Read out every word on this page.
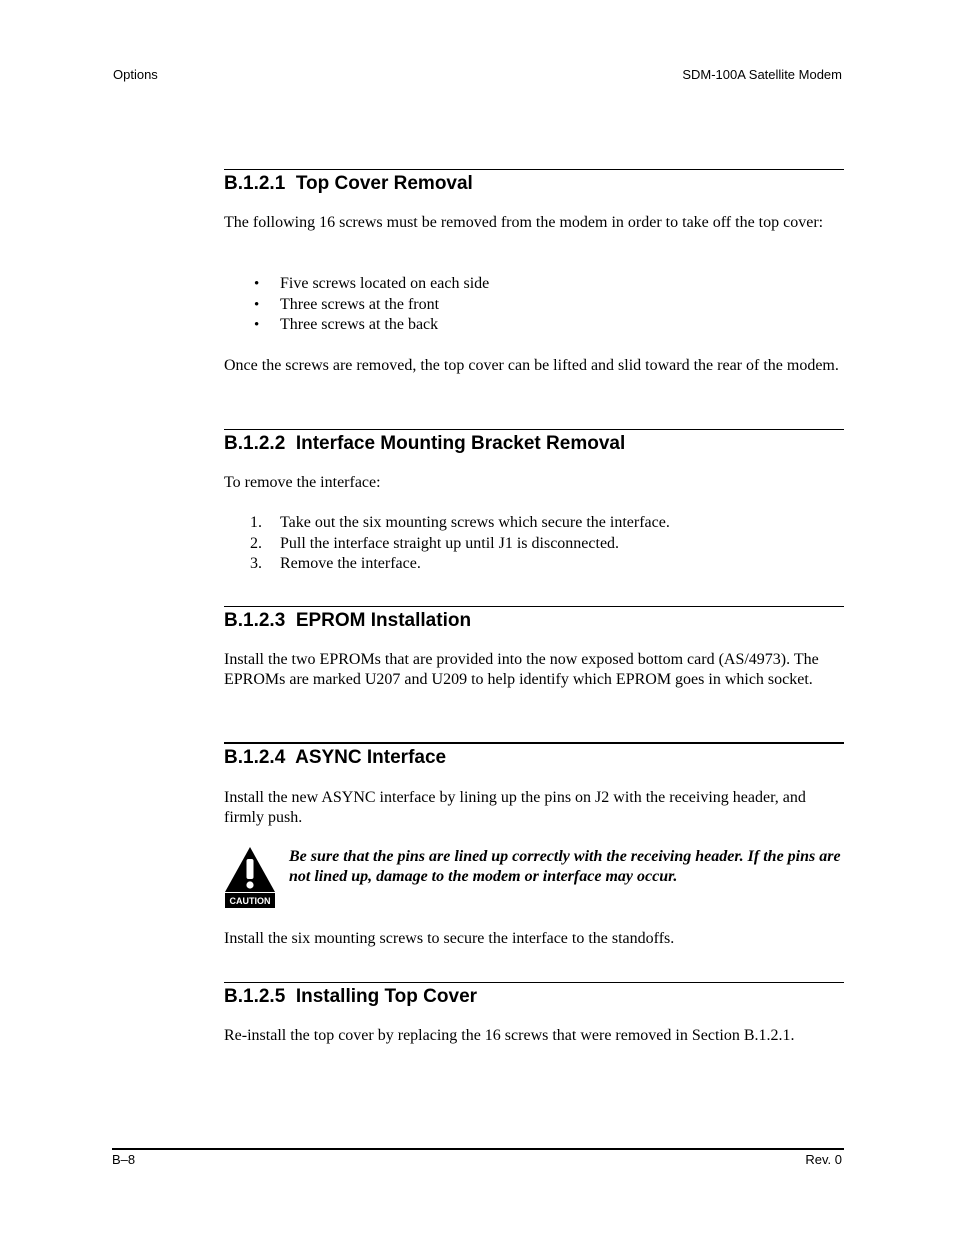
Options	SDM-100A Satellite Modem
B.1.2.1  Top Cover Removal

The following 16 screws must be removed from the modem in order to take off the top cover:

•	Five screws located on each side
•	Three screws at the front
•	Three screws at the back

Once the screws are removed, the top cover can be lifted and slid toward the rear of the modem.

B.1.2.2  Interface Mounting Bracket Removal

To remove the interface:

1. Take out the six mounting screws which secure the interface.
2. Pull the interface straight up until J1 is disconnected.
3. Remove the interface.
B.1.2.3  EPROM Installation

Install the two EPROMs that are provided into the now exposed bottom card (AS/4973). The EPROMs are marked U207 and U209 to help identify which EPROM goes in which socket.

B.1.2.4  ASYNC Interface

Install the new ASYNC interface by lining up the pins on J2 with the receiving header, and firmly push.

CAUTION

Be sure that the pins are lined up correctly with the receiving header. If the pins are not lined up, damage to the modem or interface may occur.

Install the six mounting screws to secure the interface to the standoffs.

B.1.2.5  Installing Top Cover

Re-install the top cover by replacing the 16 screws that were removed in Section B.1.2.1.

B–8	Rev. 0
